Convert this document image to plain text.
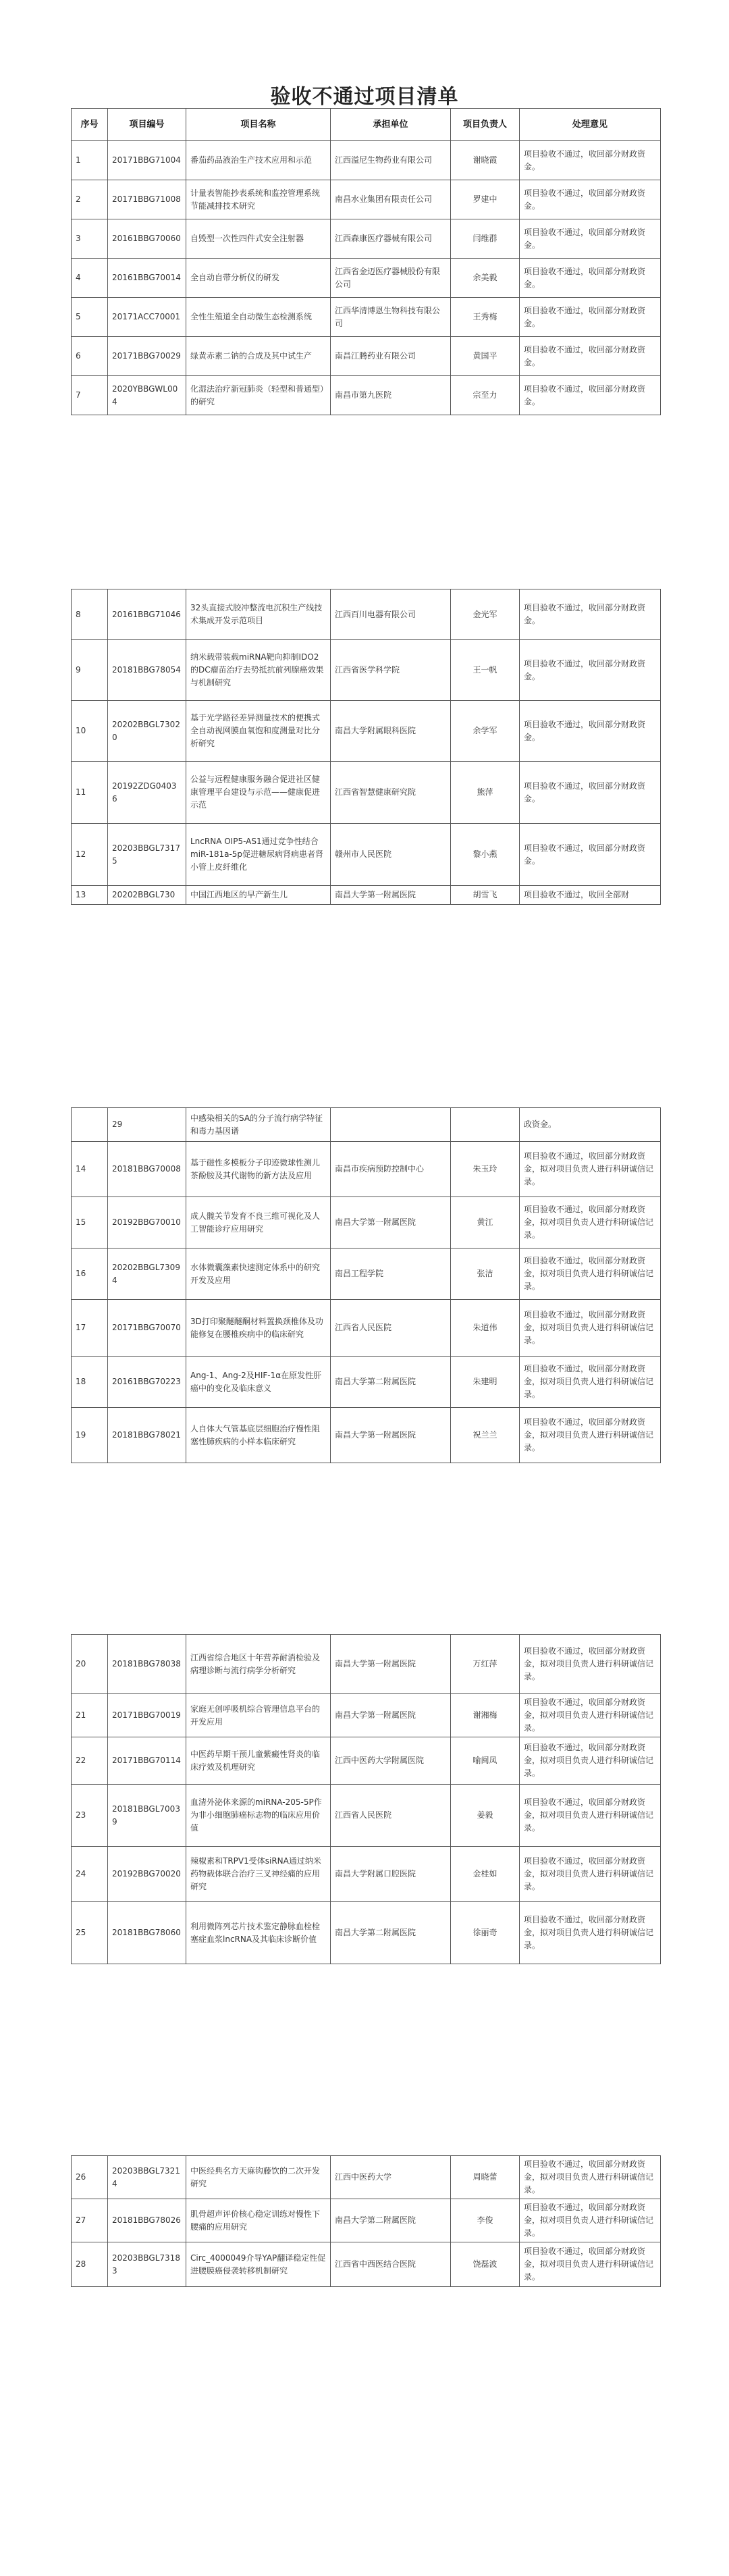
验收不通过项目清单
序号	项目编号	项目名称	承担单位	项目负责人	处理意见
1	20171BBG71004	番茄药品液治生产技术应用和示范	江西溢尼生物药业有限公司	谢晓霞	项目验收不通过，收回部分财政资金。
2	20171BBG71008	计量表智能抄表系统和监控管理系统节能减排技术研究	南昌水业集团有限责任公司	罗建中	项目验收不通过，收回部分财政资金。
3	20161BBG70060	自毁型一次性四件式安全注射器	江西森康医疗器械有限公司	闫维群	项目验收不通过，收回部分财政资金。
4	20161BBG70014	全自动自带分析仪的研发	江西省金迈医疗器械股份有限公司	余美毅	项目验收不通过，收回部分财政资金。
5	20171ACC70001	全性生殖道全自动微生态检测系统	江西华清博恩生物科技有限公司	王秀梅	项目验收不通过，收回部分财政资金。
6	20171BBG70029	绿黄赤素二钠的合成及其中试生产	南昌江腾药业有限公司	黄国平	项目验收不通过，收回部分财政资金。
7	2020YBBGWL004	化湿法治疗新冠肺炎（轻型和普通型）的研究	南昌市第九医院	宗至力	项目验收不通过，收回部分财政资金。
8	20161BBG71046	32头直接式胶冲整流电沉积生产线技术集成开发示范项目	江西百川电器有限公司	金光军	项目验收不通过，收回部分财政资金。
9	20181BBG78054	纳米载带装载miRNA靶向抑制IDO2的DC瘤苗治疗去势抵抗前列腺癌效果与机制研究	江西省医学科学院	王一帆	项目验收不通过，收回部分财政资金。
10	20202BBGL73020	基于光学路径差异测量技术的便携式全自动视网膜血氧饱和度测量对比分析研究	南昌大学附属眼科医院	余学军	项目验收不通过，收回部分财政资金。
11	20192ZDG04036	公益与远程健康服务融合促进社区健康管理平台建设与示范——健康促进示范	江西省智慧健康研究院	熊萍	项目验收不通过，收回部分财政资金。
12	20203BBGL73175	LncRNA OIP5-AS1通过竞争性结合miR-181a-5p促进糖尿病肾病患者肾小管上皮纤维化	赣州市人民医院	黎小燕	项目验收不通过，收回部分财政资金。
13	20202BBGL730	中国江西地区的早产新生儿	南昌大学第一附属医院	胡雪飞	项目验收不通过，收回全部财
	29	中感染相关的SA的分子流行病学特征和毒力基因谱			政资金。
14	20181BBG70008	基于磁性多模板分子印迹微球性测儿茶酚胺及其代谢物的新方法及应用	南昌市疾病预防控制中心	朱玉玲	项目验收不通过，收回部分财政资金，拟对项目负责人进行科研诚信记录。
15	20192BBG70010	成人髋关节发育不良三维可视化及人工智能诊疗应用研究	南昌大学第一附属医院	黄江	项目验收不通过，收回部分财政资金，拟对项目负责人进行科研诚信记录。
16	20202BBGL73094	水体微囊藻素快速测定体系中的研究开发及应用	南昌工程学院	张洁	项目验收不通过，收回部分财政资金，拟对项目负责人进行科研诚信记录。
17	20171BBG70070	3D打印聚醚醚酮材料置换颈椎体及功能修复在腰椎疾病中的临床研究	江西省人民医院	朱道伟	项目验收不通过，收回部分财政资金，拟对项目负责人进行科研诚信记录。
18	20161BBG70223	Ang-1、Ang-2及HIF-1α在原发性肝癌中的变化及临床意义	南昌大学第二附属医院	朱建明	项目验收不通过，收回部分财政资金，拟对项目负责人进行科研诚信记录。
19	20181BBG78021	人自体大气管基底层细胞治疗慢性阻塞性肺疾病的小样本临床研究	南昌大学第一附属医院	祝兰兰	项目验收不通过，收回部分财政资金，拟对项目负责人进行科研诚信记录。
20	20181BBG78038	江西省综合地区十年营养耐消检验及病理诊断与流行病学分析研究	南昌大学第一附属医院	万红萍	项目验收不通过，收回部分财政资金，拟对项目负责人进行科研诚信记录。
21	20171BBG70019	家庭无创呼吸机综合管理信息平台的开发应用	南昌大学第一附属医院	谢湘梅	项目验收不通过，收回部分财政资金，拟对项目负责人进行科研诚信记录。
22	20171BBG70114	中医药早期干预儿童紫癜性肾炎的临床疗效及机理研究	江西中医药大学附属医院	喻闽凤	项目验收不通过，收回部分财政资金，拟对项目负责人进行科研诚信记录。
23	20181BBGL70039	血清外泌体来源的miRNA-205-5P作为非小细胞肺癌标志物的临床应用价值	江西省人民医院	姜毅	项目验收不通过，收回部分财政资金，拟对项目负责人进行科研诚信记录。
24	20192BBG70020	辣椒素和TRPV1受体siRNA通过纳米药物载体联合治疗三叉神经痛的应用研究	南昌大学附属口腔医院	金桂如	项目验收不通过，收回部分财政资金，拟对项目负责人进行科研诚信记录。
25	20181BBG78060	利用微阵列芯片技术鉴定静脉血栓栓塞症血浆lncRNA及其临床诊断价值	南昌大学第二附属医院	徐丽奇	项目验收不通过，收回部分财政资金，拟对项目负责人进行科研诚信记录。
26	20203BBGL73214	中医经典名方天麻钩藤饮的二次开发研究	江西中医药大学	周晓蕾	项目验收不通过，收回部分财政资金，拟对项目负责人进行科研诚信记录。
27	20181BBG78026	肌骨超声评价核心稳定训练对慢性下腰痛的应用研究	南昌大学第二附属医院	李俊	项目验收不通过，收回部分财政资金，拟对项目负责人进行科研诚信记录。
28	20203BBGL73183	Circ_4000049介导YAP翻译稳定性促进腰膜癌侵袭转移机制研究	江西省中西医结合医院	饶磊波	项目验收不通过，收回部分财政资金，拟对项目负责人进行科研诚信记录。
